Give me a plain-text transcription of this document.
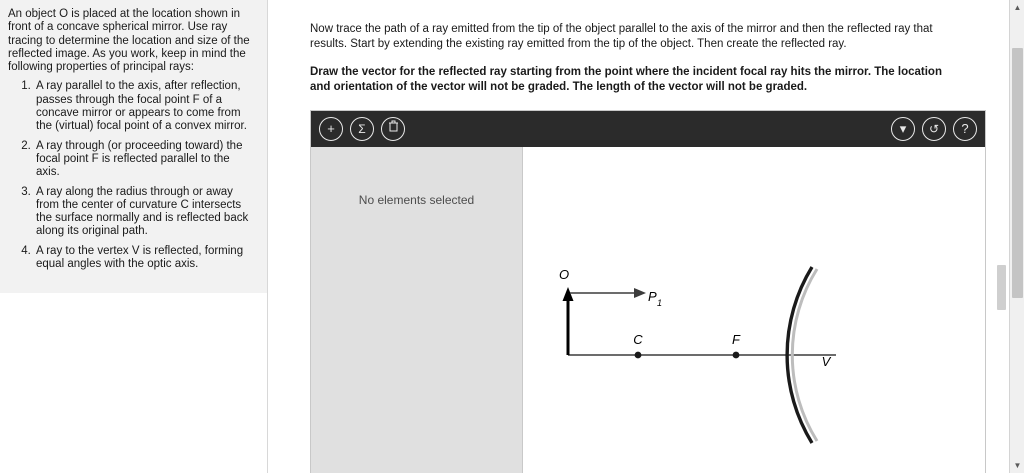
An object O is placed at the location shown in front of a concave spherical mirror. Use ray tracing to determine the location and size of the reflected image. As you work, keep in mind the following properties of principal rays:

1. A ray parallel to the axis, after reflection, passes through the focal point F of a concave mirror or appears to come from the (virtual) focal point of a convex mirror.
2. A ray through (or proceeding toward) the focal point F is reflected parallel to the axis.
3. A ray along the radius through or away from the center of curvature C intersects the surface normally and is reflected back along its original path.
4. A ray to the vertex V is reflected, forming equal angles with the optic axis.
Now trace the path of a ray emitted from the tip of the object parallel to the axis of the mirror and then the reflected ray that results. Start by extending the existing ray emitted from the tip of the object. Then create the reflected ray.
Draw the vector for the reflected ray starting from the point where the incident focal ray hits the mirror. The location and orientation of the vector will not be graded. The length of the vector will not be graded.
+	Σ	▾	↺	?
No elements selected
O
P 1
C	F
V
▲
▼
